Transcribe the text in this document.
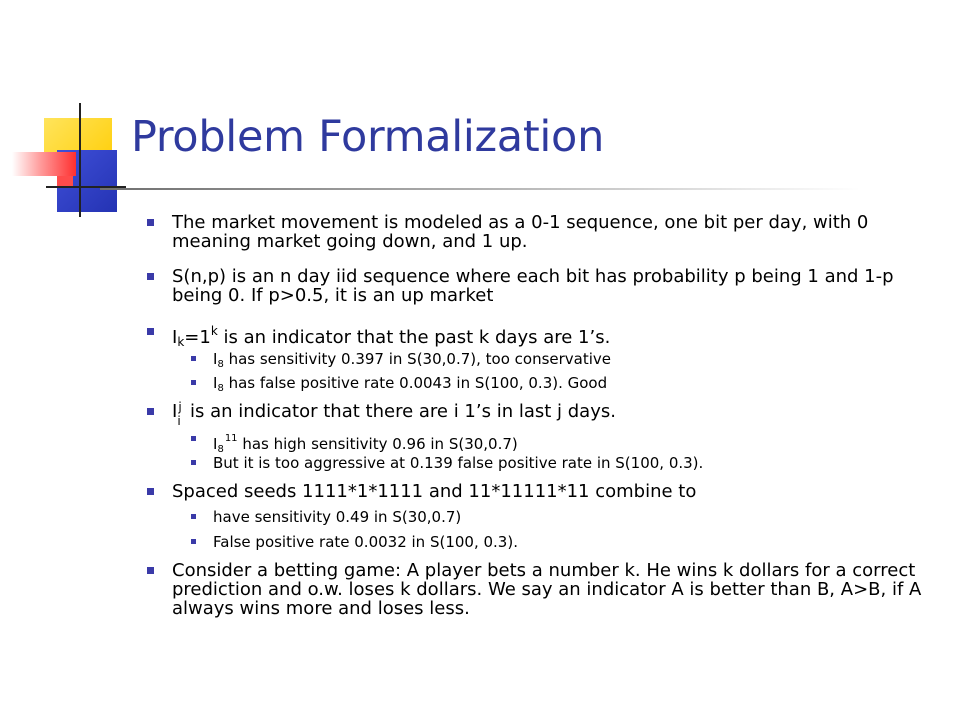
Problem Formalization
The market movement is modeled as a 0-1 sequence, one bit per day, with 0 meaning market going down, and 1 up.
S(n,p) is an n day iid sequence where each bit has probability p being 1 and 1-p being 0. If p>0.5, it is an up market
$I_k=1^k$ is an indicator that the past k days are 1’s.
$I_8$ has sensitivity 0.397 in S(30,0.7), too conservative
$I_8$ has false positive rate 0.0043 in S(100, 0.3). Good
I i
j is an indicator that there are i 1’s in last j days.
$I_8^{11}$ has high sensitivity 0.96 in S(30,0.7)
But it is too aggressive at 0.139 false positive rate in S(100, 0.3).
Spaced seeds 1111*1*1111 and 11*11111*11 combine to
have sensitivity 0.49 in S(30,0.7)
False positive rate 0.0032 in S(100, 0.3).
Consider a betting game: A player bets a number k. He wins k dollars for a correct prediction and o.w. loses k dollars. We say an indicator A is better than B, A>B, if A always wins more and loses less.
